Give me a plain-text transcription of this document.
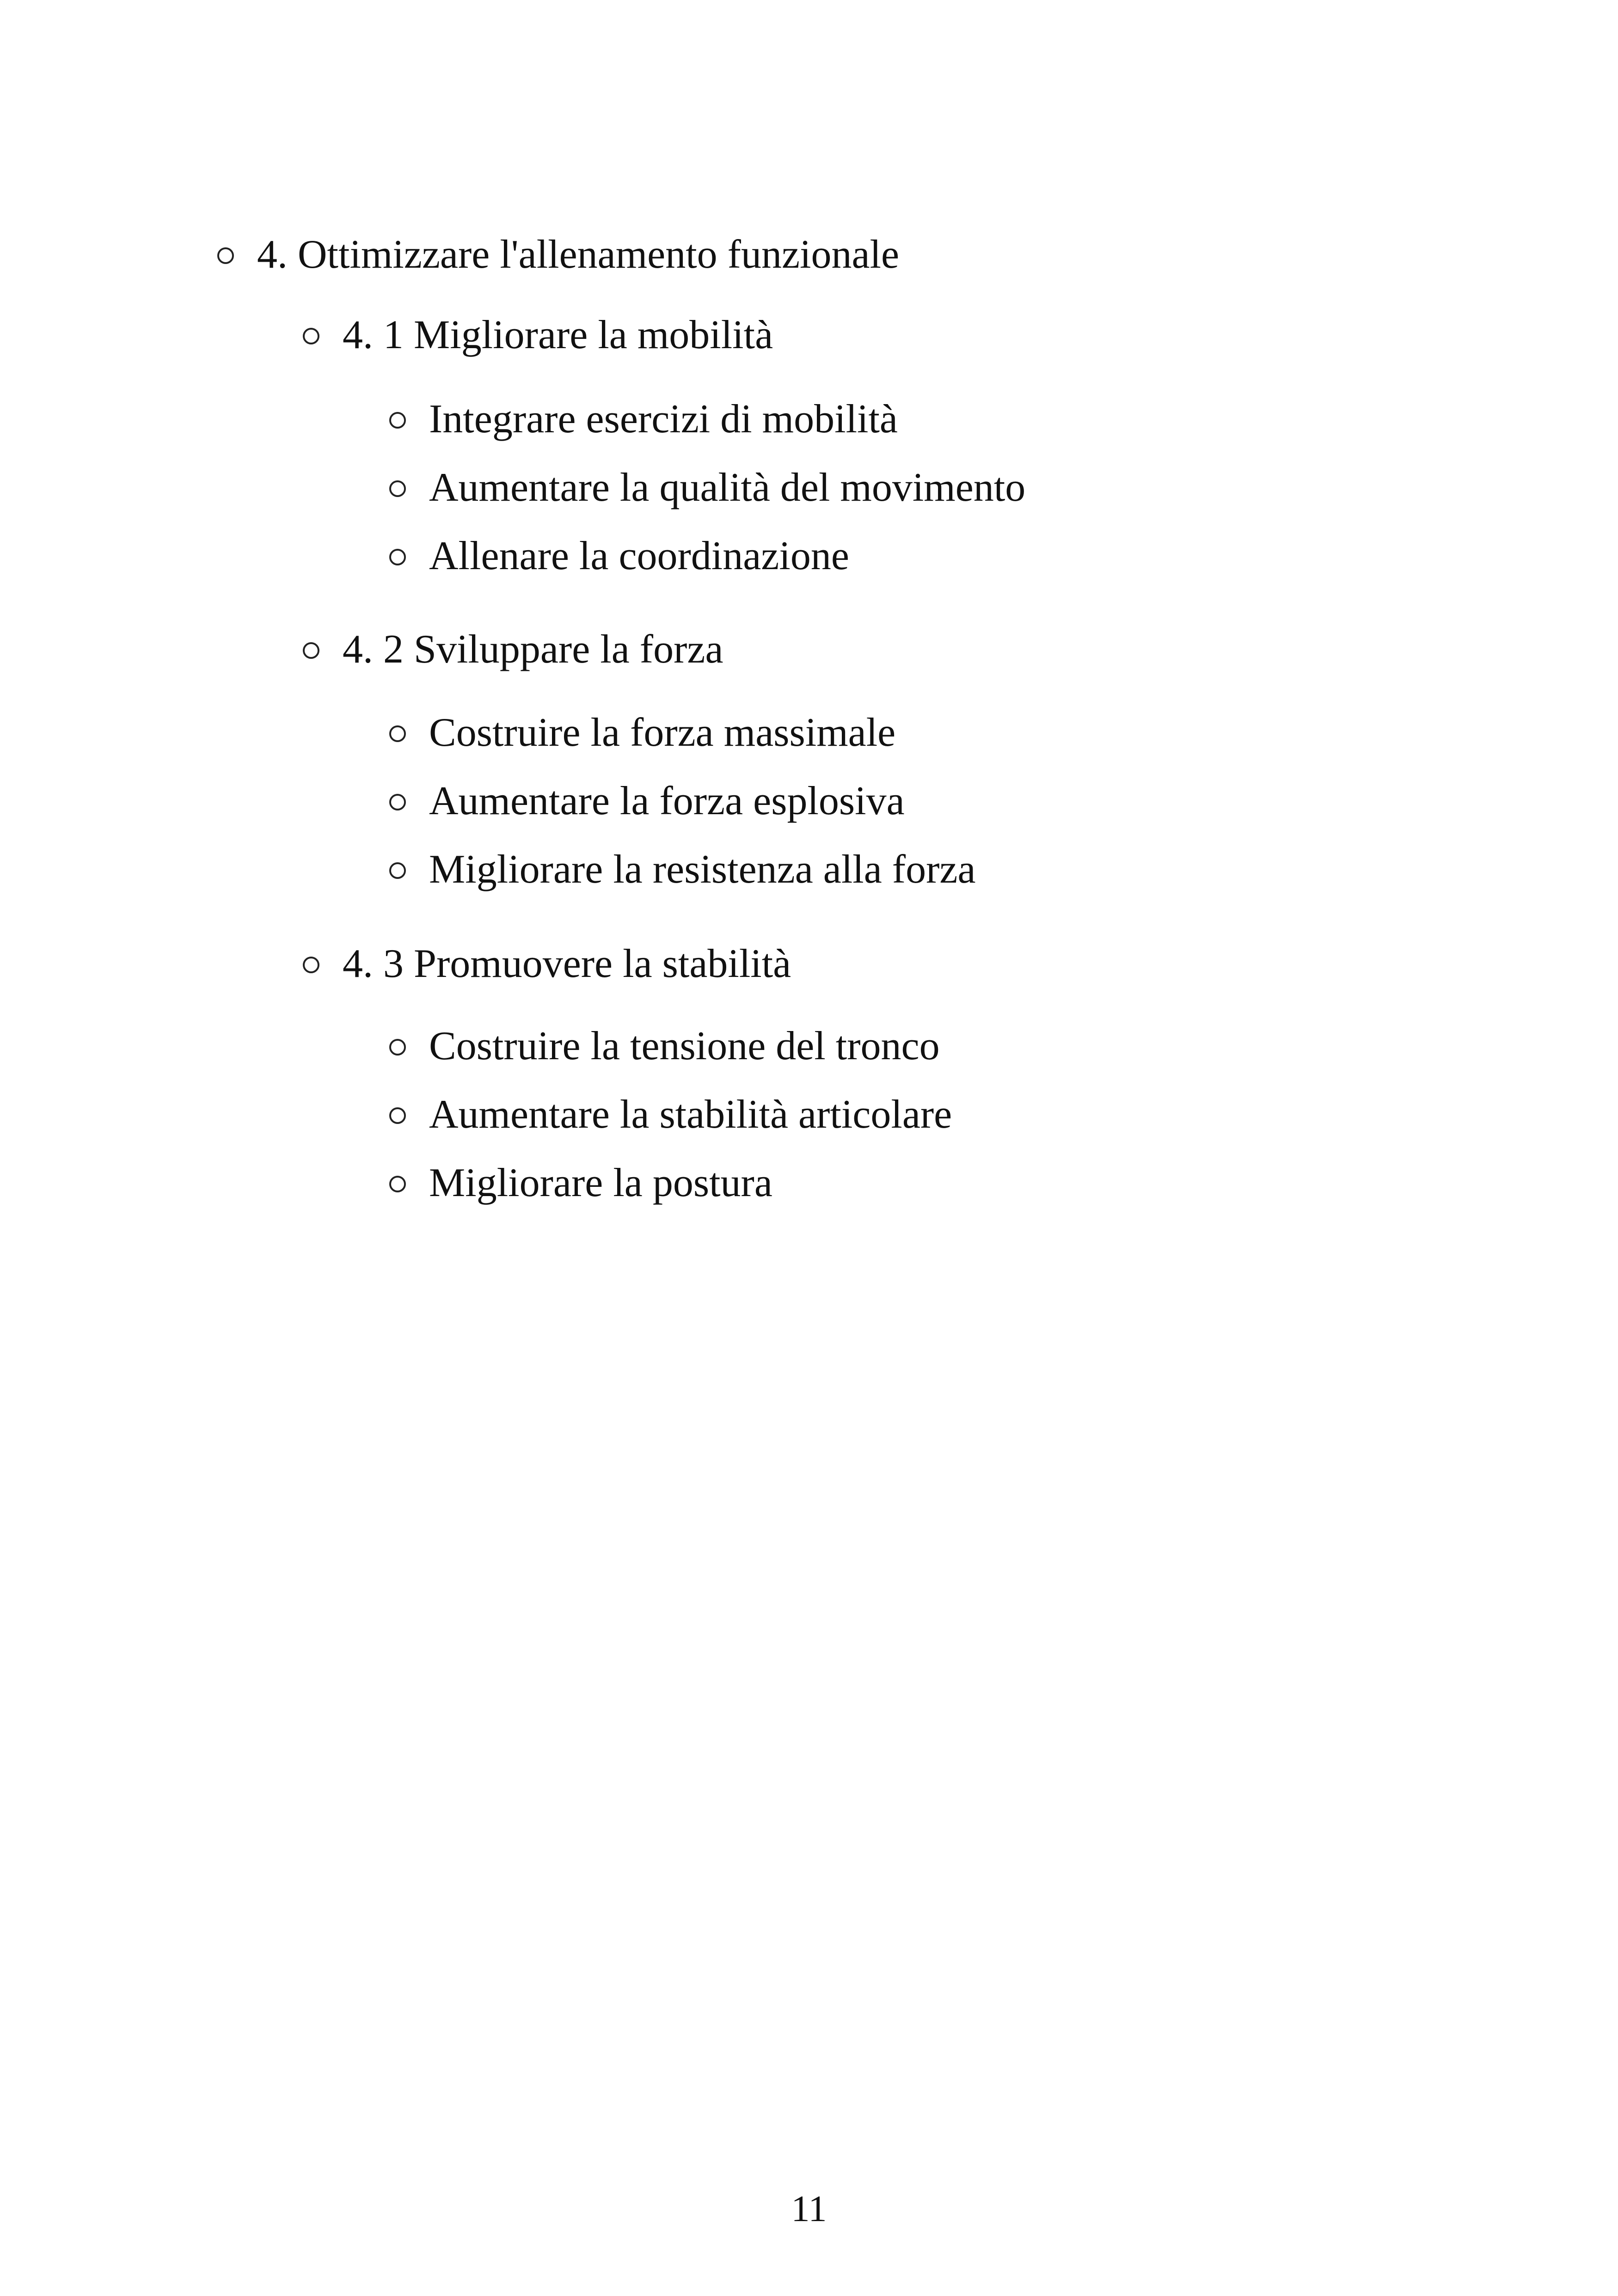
4. Ottimizzare l'allenamento funzionale
4. 1 Migliorare la mobilità
Integrare esercizi di mobilità
Aumentare la qualità del movimento
Allenare la coordinazione
4. 2 Sviluppare la forza
Costruire la forza massimale
Aumentare la forza esplosiva
Migliorare la resistenza alla forza
4. 3 Promuovere la stabilità
Costruire la tensione del tronco
Aumentare la stabilità articolare
Migliorare la postura
11
